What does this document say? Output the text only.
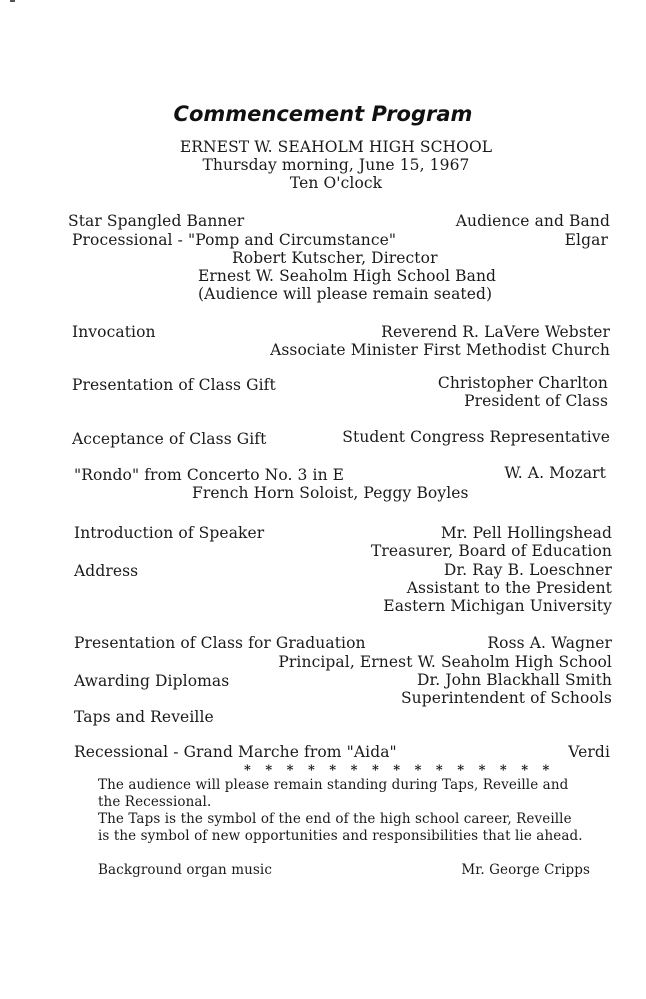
Commencement Program
ERNEST W. SEAHOLM HIGH SCHOOL
Thursday morning, June 15, 1967
Ten O'clock
Star Spangled Banner	Audience and Band
Processional - "Pomp and Circumstance"	Elgar
Robert Kutscher, Director
Ernest W. Seaholm High School Band
(Audience will please remain seated)
Invocation	Reverend R. LaVere Webster
Associate Minister First Methodist Church
Presentation of Class Gift	Christopher Charlton
President of Class
Acceptance of Class Gift	Student Congress Representative
"Rondo" from Concerto No. 3 in E	W. A. Mozart
French Horn Soloist, Peggy Boyles
Introduction of Speaker	Mr. Pell Hollingshead
Treasurer, Board of Education
Address	Dr. Ray B. Loeschner
Assistant to the President
Eastern Michigan University
Presentation of Class for Graduation	Ross A. Wagner
Principal, Ernest W. Seaholm High School
Awarding Diplomas	Dr. John Blackhall Smith
Superintendent of Schools
Taps and Reveille
Recessional - Grand Marche from "Aida"	Verdi
* * * * * * * * * * * * * * *
The audience will please remain standing during Taps, Reveille and
the Recessional.
The Taps is the symbol of the end of the high school career, Reveille
is the symbol of new opportunities and responsibilities that lie ahead.
Background organ music	Mr. George Cripps
